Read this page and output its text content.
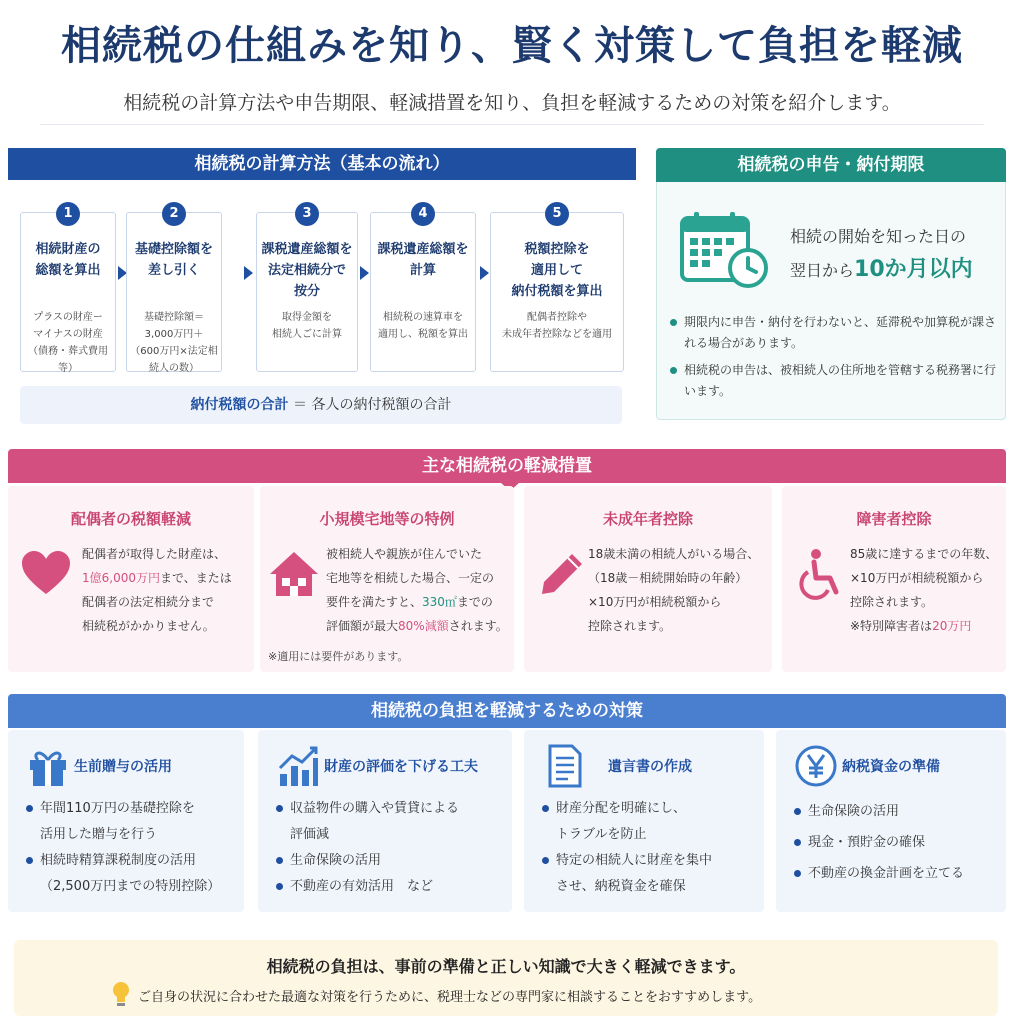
相続税の仕組みを知り、賢く対策して負担を軽減
相続税の計算方法や申告期限、軽減措置を知り、負担を軽減するための対策を紹介します。
相続税の計算方法（基本の流れ）
1
相続財産の
総額を算出
プラスの財産ー
マイナスの財産
（債務・葬式費用等）
2
基礎控除額を
差し引く
基礎控除額＝
3,000万円＋
（600万円×法定相続人の数）
3
課税遺産総額を
法定相続分で
按分
取得金額を
相続人ごに計算
4
課税遺産総額を
計算
相続税の速算車を
適用し、税額を算出
5
税額控除を
適用して
納付税額を算出
配偶者控除や
未成年者控除などを適用
納付税額の合計 ＝ 各人の納付税額の合計
相続税の申告・納付期限
相続の開始を知った日の
翌日から10か月以内
期限内に申告・納付を行わないと、延滞税や加算税が課される場合があります。
相続税の申告は、被相続人の住所地を管轄する税務署に行います。
主な相続税の軽減措置
配偶者の税額軽減
配偶者が取得した財産は、
1億6,000万円まで、または
配偶者の法定相続分まで
相続税がかかりません。
小規模宅地等の特例
被相続人や親族が住んでいた
宅地等を相続した場合、一定の
要件を満たすと、330㎡までの
評価額が最大80%減額されます。
未成年者控除
18歳未満の相続人がいる場合、
（18歳－相続開始時の年齢）
×10万円が相続税額から
控除されます。
障害者控除
85歳に達するまでの年数、
×10万円が相続税額から
控除されます。
※特別障害者は20万円
※適用には要件があります。
相続税の負担を軽減するための対策
生前贈与の活用
年間110万円の基礎控除を
活用した贈与を行う
相続時精算課税制度の活用
（2,500万円までの特別控除）
財産の評価を下げる工夫
収益物件の購入や賃貸による
評価減
生命保険の活用
不動産の有効活用　など
遺言書の作成
財産分配を明確にし、
トラブルを防止
特定の相続人に財産を集中
させ、納税資金を確保
納税資金の準備
生命保険の活用
現金・預貯金の確保
不動産の換金計画を立てる
相続税の負担は、事前の準備と正しい知識で大きく軽減できます。
ご自身の状況に合わせた最適な対策を行うために、税理士などの専門家に相談することをおすすめします。
